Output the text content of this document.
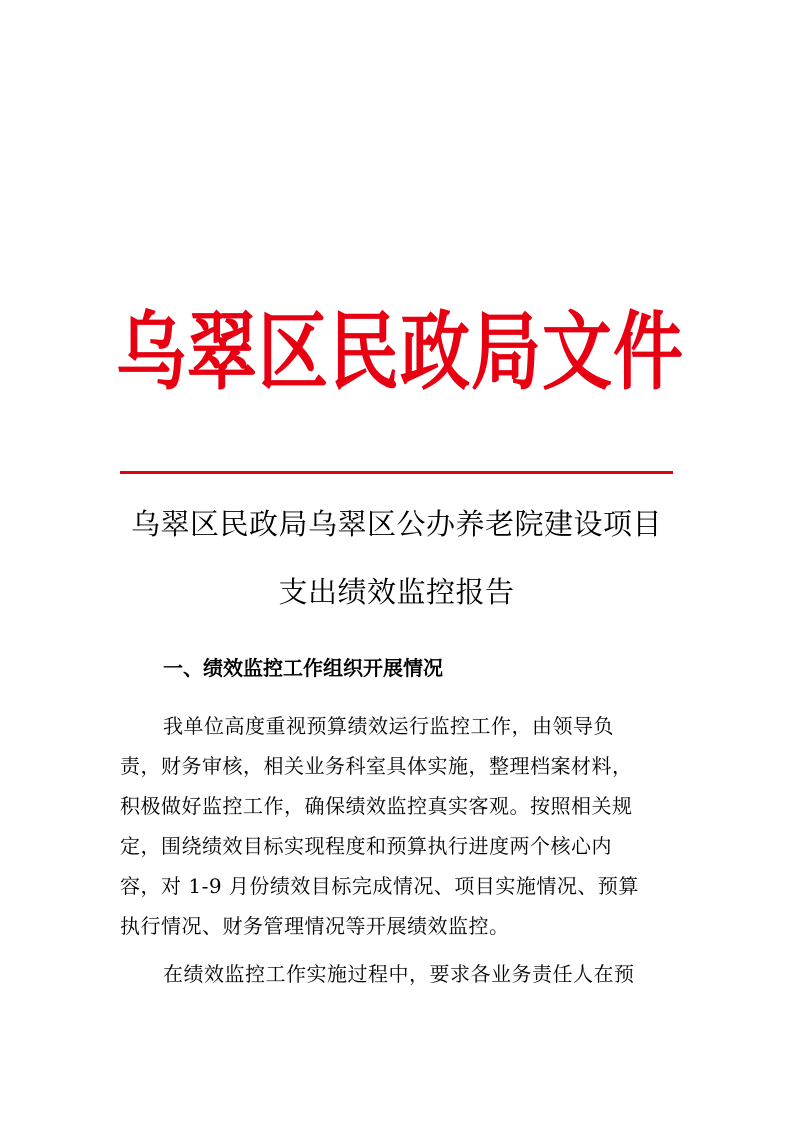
乌翠区民政局文件
乌翠区民政局乌翠区公办养老院建设项目
支出绩效监控报告
一、绩效监控工作组织开展情况
我单位高度重视预算绩效运行监控工作，由领导负
责，财务审核，相关业务科室具体实施，整理档案材料，
积极做好监控工作，确保绩效监控真实客观。按照相关规
定，围绕绩效目标实现程度和预算执行进度两个核心内
容，对 1-9 月份绩效目标完成情况、项目实施情况、预算
执行情况、财务管理情况等开展绩效监控。
在绩效监控工作实施过程中，要求各业务责任人在预
